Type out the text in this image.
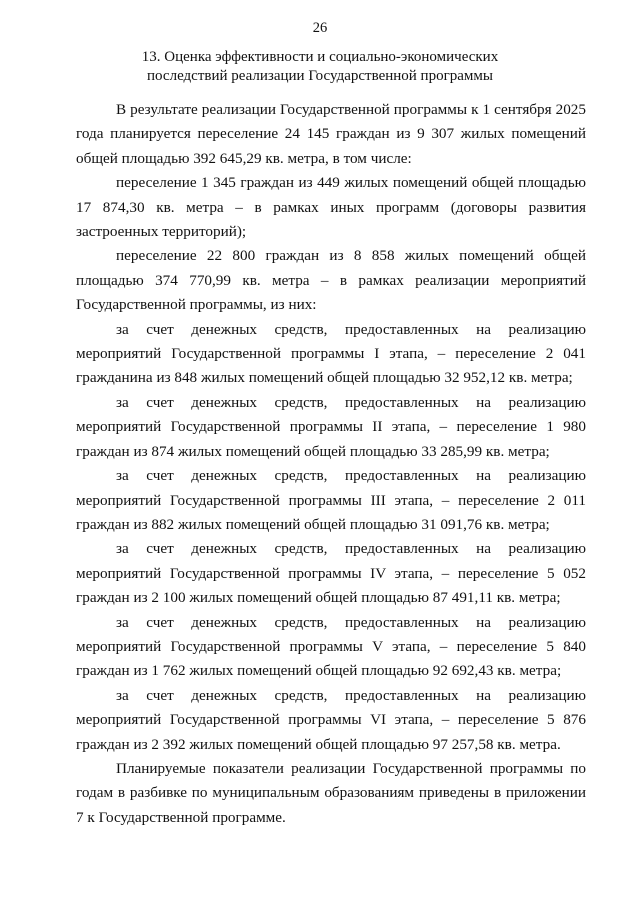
26
13. Оценка эффективности и социально-экономических
последствий реализации Государственной программы

В результате реализации Государственной программы к 1 сентября 2025 года планируется переселение 24 145 граждан из 9 307 жилых помещений общей площадью 392 645,29 кв. метра, в том числе:

переселение 1 345 граждан из 449 жилых помещений общей площадью 17 874,30 кв. метра – в рамках иных программ (договоры развития застроенных территорий);

переселение 22 800 граждан из 8 858 жилых помещений общей площадью 374 770,99 кв. метра – в рамках реализации мероприятий Государственной программы, из них:

за счет денежных средств, предоставленных на реализацию мероприятий Государственной программы I этапа, – переселение 2 041 гражданина из 848 жилых помещений общей площадью 32 952,12 кв. метра;

за счет денежных средств, предоставленных на реализацию мероприятий Государственной программы II этапа, – переселение 1 980 граждан из 874 жилых помещений общей площадью 33 285,99 кв. метра;

за счет денежных средств, предоставленных на реализацию мероприятий Государственной программы III этапа, – переселение 2 011 граждан из 882 жилых помещений общей площадью 31 091,76 кв. метра;

за счет денежных средств, предоставленных на реализацию мероприятий Государственной программы IV этапа, – переселение 5 052 граждан из 2 100 жилых помещений общей площадью 87 491,11 кв. метра;

за счет денежных средств, предоставленных на реализацию мероприятий Государственной программы V этапа, – переселение 5 840 граждан из 1 762 жилых помещений общей площадью 92 692,43 кв. метра;

за счет денежных средств, предоставленных на реализацию мероприятий Государственной программы VI этапа, – переселение 5 876 граждан из 2 392 жилых помещений общей площадью 97 257,58 кв. метра.

Планируемые показатели реализации Государственной программы по годам в разбивке по муниципальным образованиям приведены в приложении 7 к Государственной программе.
